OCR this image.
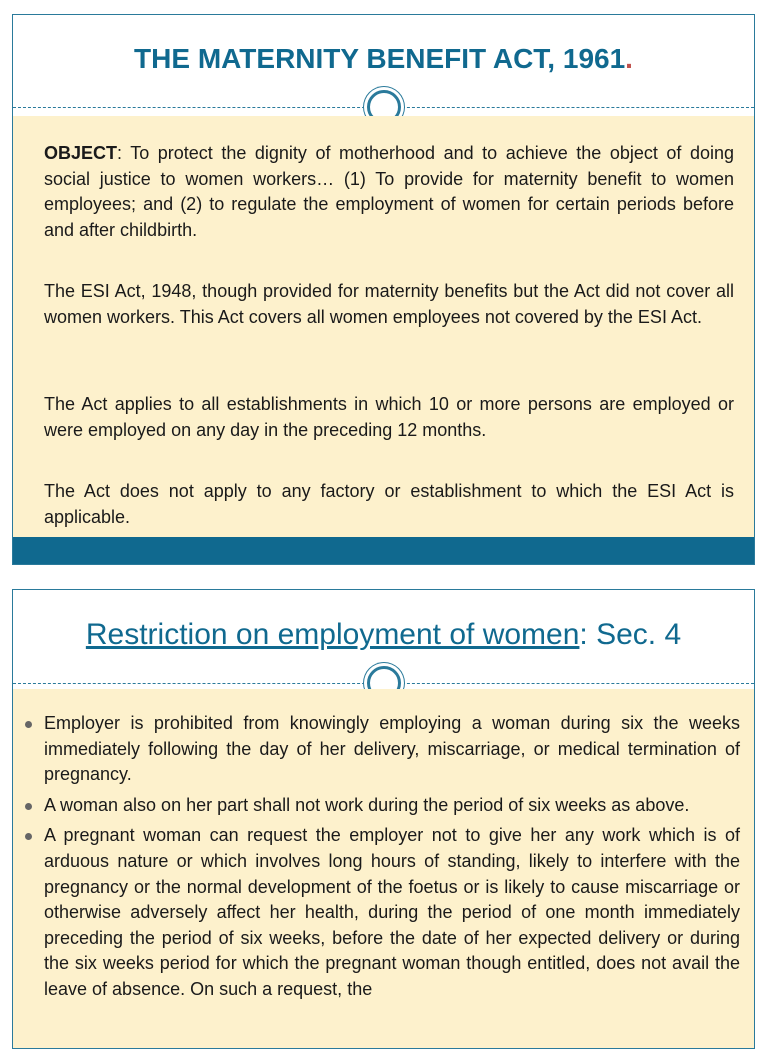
THE MATERNITY BENEFIT ACT, 1961.

OBJECT: To protect the dignity of motherhood and to achieve the object of doing social justice to women workers… (1) To provide for maternity benefit to women employees; and (2) to regulate the employment of women for certain periods before and after childbirth.

The ESI Act, 1948, though provided for maternity benefits but the Act did not cover all women workers. This Act covers all women employees not covered by the ESI Act.

The Act applies to all establishments in which 10 or more persons are employed or were employed on any day in the preceding 12 months.

The Act does not apply to any factory or establishment to which the ESI Act is applicable.

Restriction on employment of women: Sec. 4
Employer is prohibited from knowingly employing a woman during six the weeks immediately following the day of her delivery, miscarriage, or medical termination of pregnancy.
A woman also on her part shall not work during the period of six weeks as above.
A pregnant woman can request the employer not to give her any work which is of arduous nature or which involves long hours of standing, likely to interfere with the pregnancy or the normal development of the foetus or is likely to cause miscarriage or otherwise adversely affect her health, during the period of one month immediately preceding the period of six weeks, before the date of her expected delivery or during the six weeks period for which the pregnant woman though entitled, does not avail the leave of absence. On such a request, the
